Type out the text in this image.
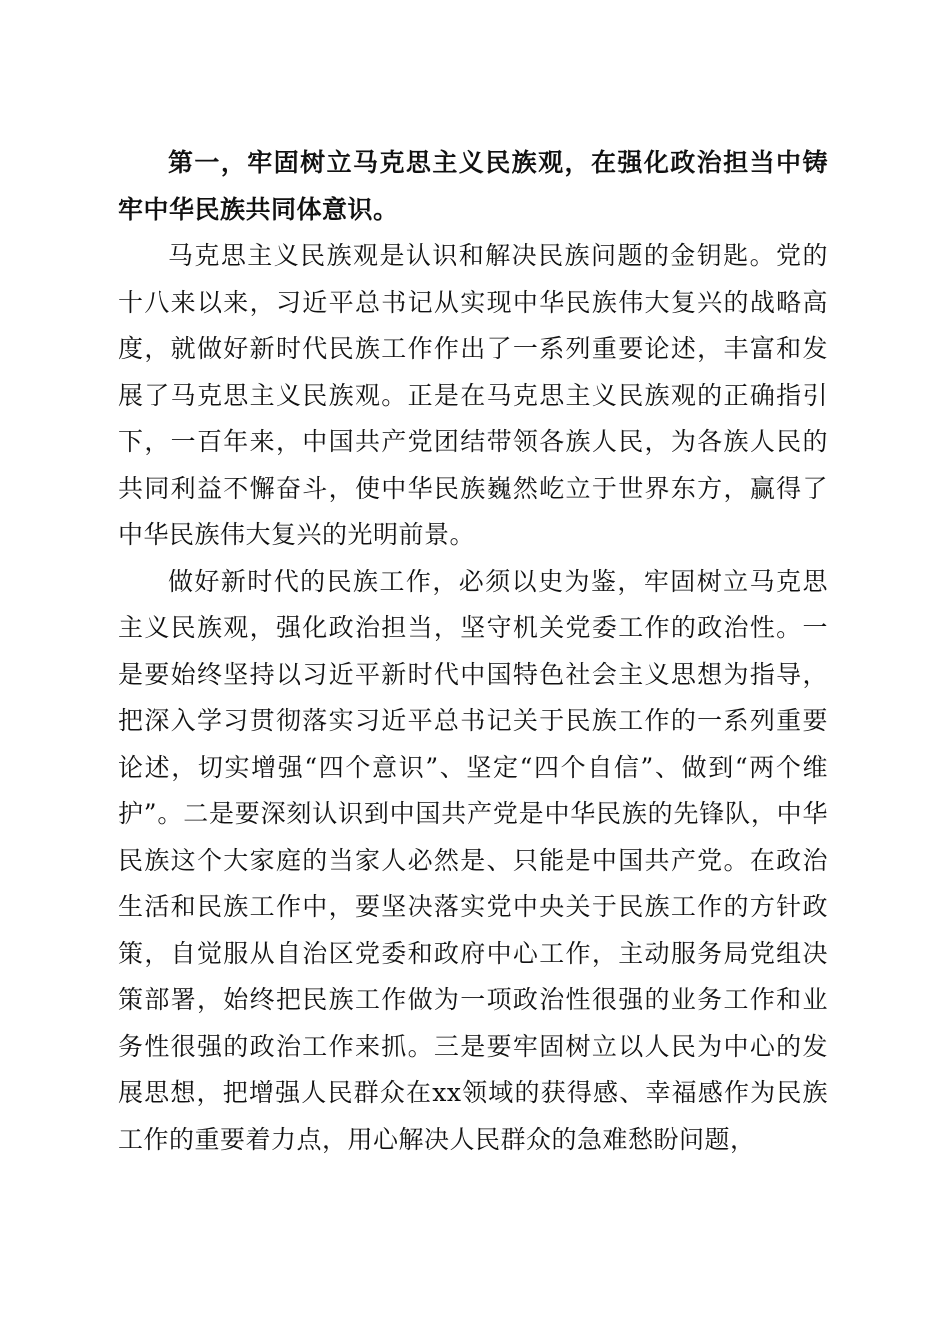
第一，牢固树立马克思主义民族观，在强化政治担当中铸牢中华民族共同体意识。

马克思主义民族观是认识和解决民族问题的金钥匙。党的十八来以来，习近平总书记从实现中华民族伟大复兴的战略高度，就做好新时代民族工作作出了一系列重要论述，丰富和发展了马克思主义民族观。正是在马克思主义民族观的正确指引下，一百年来，中国共产党团结带领各族人民，为各族人民的共同利益不懈奋斗，使中华民族巍然屹立于世界东方，赢得了中华民族伟大复兴的光明前景。

做好新时代的民族工作，必须以史为鉴，牢固树立马克思主义民族观，强化政治担当，坚守机关党委工作的政治性。一是要始终坚持以习近平新时代中国特色社会主义思想为指导，把深入学习贯彻落实习近平总书记关于民族工作的一系列重要论述，切实增强“四个意识”、坚定“四个自信”、做到“两个维护”。二是要深刻认识到中国共产党是中华民族的先锋队，中华民族这个大家庭的当家人必然是、只能是中国共产党。在政治生活和民族工作中，要坚决落实党中央关于民族工作的方针政策，自觉服从自治区党委和政府中心工作，主动服务局党组决策部署，始终把民族工作做为一项政治性很强的业务工作和业务性很强的政治工作来抓。三是要牢固树立以人民为中心的发展思想，把增强人民群众在xx领域的获得感、幸福感作为民族工作的重要着力点，用心解决人民群众的急难愁盼问题，
